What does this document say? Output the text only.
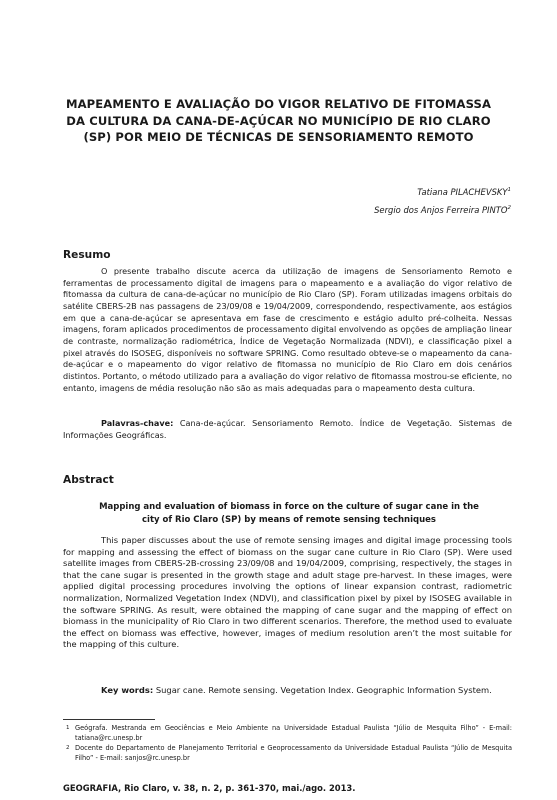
MAPEAMENTO E AVALIAÇÃO DO VIGOR RELATIVO DE FITOMASSA DA CULTURA DA CANA-DE-AÇÚCAR NO MUNICÍPIO DE RIO CLARO (SP) POR MEIO DE TÉCNICAS DE SENSORIAMENTO REMOTO
Tatiana PILACHEVSKY$^1$
Sergio dos Anjos Ferreira PINTO$^2$
Resumo

O presente trabalho discute acerca da utilização de imagens de Sensoriamento Remoto e ferramentas de processamento digital de imagens para o mapeamento e a avaliação do vigor relativo de fitomassa da cultura de cana-de-açúcar no município de Rio Claro (SP). Foram utilizadas imagens orbitais do satélite CBERS-2B nas passagens de 23/09/08 e 19/04/2009, correspondendo, respectivamente, aos estágios em que a cana-de-açúcar se apresentava em fase de crescimento e estágio adulto pré-colheita. Nessas imagens, foram aplicados procedimentos de processamento digital envolvendo as opções de ampliação linear de contraste, normalização radiométrica, Índice de Vegetação Normalizada (NDVI), e classificação pixel a pixel através do ISOSEG, disponíveis no software SPRING. Como resultado obteve-se o mapeamento da cana-de-açúcar e o mapeamento do vigor relativo de fitomassa no município de Rio Claro em dois cenários distintos. Portanto, o método utilizado para a avaliação do vigor relativo de fitomassa mostrou-se eficiente, no entanto, imagens de média resolução não são as mais adequadas para o mapeamento desta cultura.

Palavras-chave: Cana-de-açúcar. Sensoriamento Remoto. Índice de Vegetação. Sistemas de Informações Geográficas.

Abstract
Mapping and evaluation of biomass in force on the culture of sugar cane in the city of Rio Claro (SP) by means of remote sensing techniques

This paper discusses about the use of remote sensing images and digital image processing tools for mapping and assessing the effect of biomass on the sugar cane culture in Rio Claro (SP). Were used satellite images from CBERS-2B-crossing 23/09/08 and 19/04/2009, comprising, respectively, the stages in that the cane sugar is presented in the growth stage and adult stage pre-harvest. In these images, were applied digital processing procedures involving the options of linear expansion contrast, radiometric normalization, Normalized Vegetation Index (NDVI), and classification pixel by pixel by ISOSEG available in the software SPRING. As result, were obtained the mapping of cane sugar and the mapping of effect on biomass in the municipality of Rio Claro in two different scenarios. Therefore, the method used to evaluate the effect on biomass was effective, however, images of medium resolution aren’t the most suitable for the mapping of this culture.

Key words: Sugar cane. Remote sensing. Vegetation Index. Geographic Information System.

1 Geógrafa. Mestranda em Geociências e Meio Ambiente na Universidade Estadual Paulista “Júlio de Mesquita Filho” - E-mail: tatiana@rc.unesp.br
2 Docente do Departamento de Planejamento Territorial e Geoprocessamento da Universidade Estadual Paulista “Júlio de Mesquita Filho” - E-mail: sanjos@rc.unesp.br
GEOGRAFIA, Rio Claro, v. 38, n. 2, p. 361-370, mai./ago. 2013.
